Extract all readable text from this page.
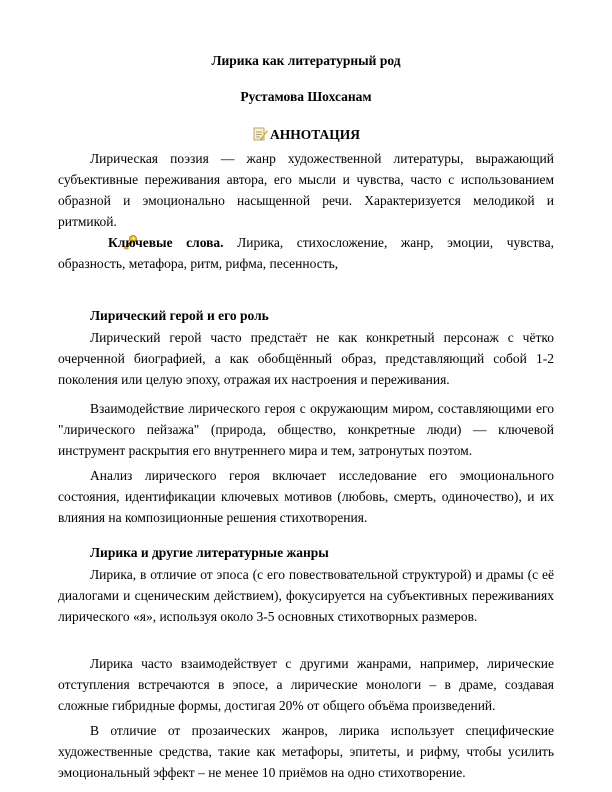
Лирика как литературный род
Рустамова Шохсанам
АННОТАЦИЯ
Лирическая поэзия — жанр художественной литературы, выражающий субъективные переживания автора, его мысли и чувства, часто с использованием образной и эмоционально насыщенной речи. Характеризуется мелодикой и ритмикой.
Ключевые слова. Лирика, стихосложение, жанр, эмоции, чувства, образность, метафора, ритм, рифма, песенность,
Лирический герой и его роль
Лирический герой часто предстаёт не как конкретный персонаж с чётко очерченной биографией, а как обобщённый образ, представляющий собой 1-2 поколения или целую эпоху, отражая их настроения и переживания.
Взаимодействие лирического героя с окружающим миром, составляющими его "лирического пейзажа" (природа, общество, конкретные люди) — ключевой инструмент раскрытия его внутреннего мира и тем, затронутых поэтом.
Анализ лирического героя включает исследование его эмоционального состояния, идентификации ключевых мотивов (любовь, смерть, одиночество), и их влияния на композиционные решения стихотворения.
Лирика и другие литературные жанры
Лирика, в отличие от эпоса (с его повествовательной структурой) и драмы (с её диалогами и сценическим действием), фокусируется на субъективных переживаниях лирического «я», используя около 3-5 основных стихотворных размеров.
Лирика часто взаимодействует с другими жанрами, например, лирические отступления встречаются в эпосе, а лирические монологи – в драме, создавая сложные гибридные формы, достигая 20% от общего объёма произведений.
В отличие от прозаических жанров, лирика использует специфические художественные средства, такие как метафоры, эпитеты, и рифму, чтобы усилить эмоциональный эффект – не менее 10 приёмов на одно стихотворение.
